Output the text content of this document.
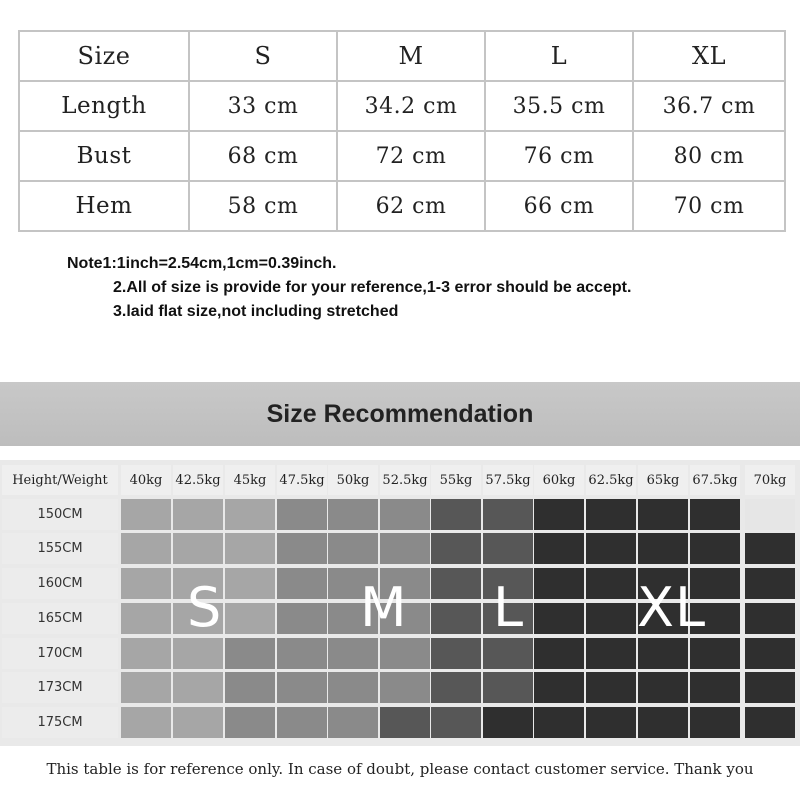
Size	S	M	L	XL
Length	33 cm	34.2 cm	35.5 cm	36.7 cm
Bust	68 cm	72 cm	76 cm	80 cm
Hem	58 cm	62 cm	66 cm	70 cm
Note1:1inch=2.54cm,1cm=0.39inch.
2.All of size is provide for your reference,1-3 error should be accept.
3.laid flat size,not including stretched
Size Recommendation
Height/Weight	40kg	42.5kg	45kg	47.5kg 50kg	52.5kg 55kg	57.5kg 60kg	62.5kg	65kg	67.5kg	70kg
150CM
155CM
160CM
165CM
170CM
173CM
175CM
S	M L XL
This table is for reference only. In case of doubt, please contact customer service. Thank you
